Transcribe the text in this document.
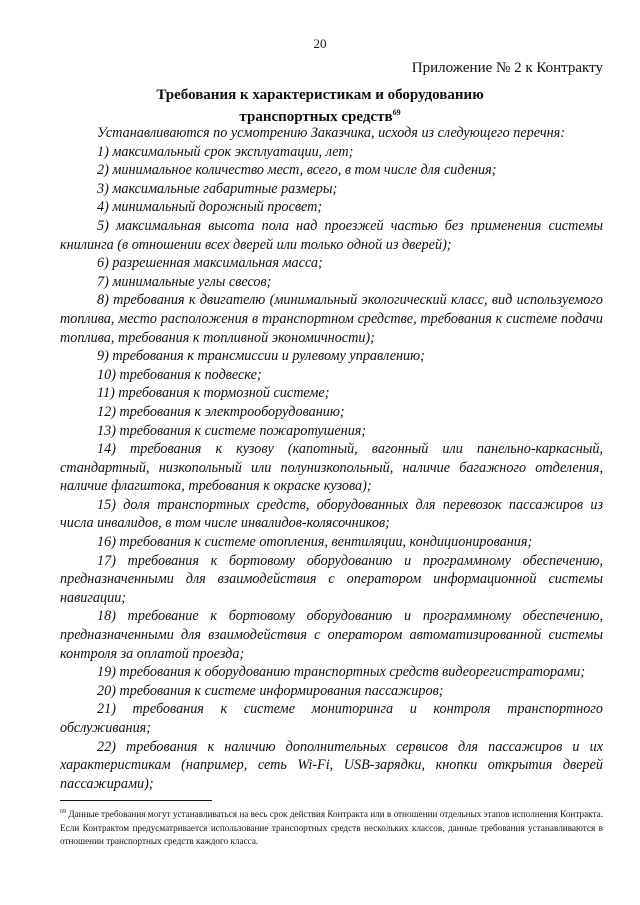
20
Приложение № 2 к Контракту
Требования к характеристикам и оборудованию
транспортных средств$^{69}$

Устанавливаются по усмотрению Заказчика, исходя из следующего перечня:

1) максимальный срок эксплуатации, лет;

2) минимальное количество мест, всего, в том числе для сидения;

3) максимальные габаритные размеры;

4) минимальный дорожный просвет;

5) максимальная высота пола над проезжей частью без применения системы книлинга (в отношении всех дверей или только одной из дверей);

6) разрешенная максимальная масса;

7) минимальные углы свесов;

8) требования к двигателю (минимальный экологический класс, вид используемого топлива, место расположения в транспортном средстве, требования к системе подачи топлива, требования к топливной экономичности);

9) требования к трансмиссии и рулевому управлению;

10) требования к подвеске;

11) требования к тормозной системе;

12) требования к электрооборудованию;

13) требования к системе пожаротушения;

14) требования к кузову (капотный, вагонный или панельно-каркасный, стандартный, низкопольный или полунизкопольный, наличие багажного отделения, наличие флагштока, требования к окраске кузова);

15) доля транспортных средств, оборудованных для перевозок пассажиров из числа инвалидов, в том числе инвалидов-колясочников;

16) требования к системе отопления, вентиляции, кондиционирования;

17) требования к бортовому оборудованию и программному обеспечению, предназначенными для взаимодействия с оператором информационной системы навигации;

18) требование к бортовому оборудованию и программному обеспечению, предназначенными для взаимодействия с оператором автоматизированной системы контроля за оплатой проезда;

19) требования к оборудованию транспортных средств видеорегистраторами;

20) требования к системе информирования пассажиров;

21) требования к системе мониторинга и контроля транспортного обслуживания;

22) требования к наличию дополнительных сервисов для пассажиров и их характеристикам (например, сеть Wi-Fi, USB-зарядки, кнопки открытия дверей пассажирами);

$^{69}$ Данные требования могут устанавливаться на весь срок действия Контракта или в отношении отдельных этапов исполнения Контракта. Если Контрактом предусматривается использование транспортных средств нескольких классов, данные требования устанавливаются в отношении транспортных средств каждого класса.
